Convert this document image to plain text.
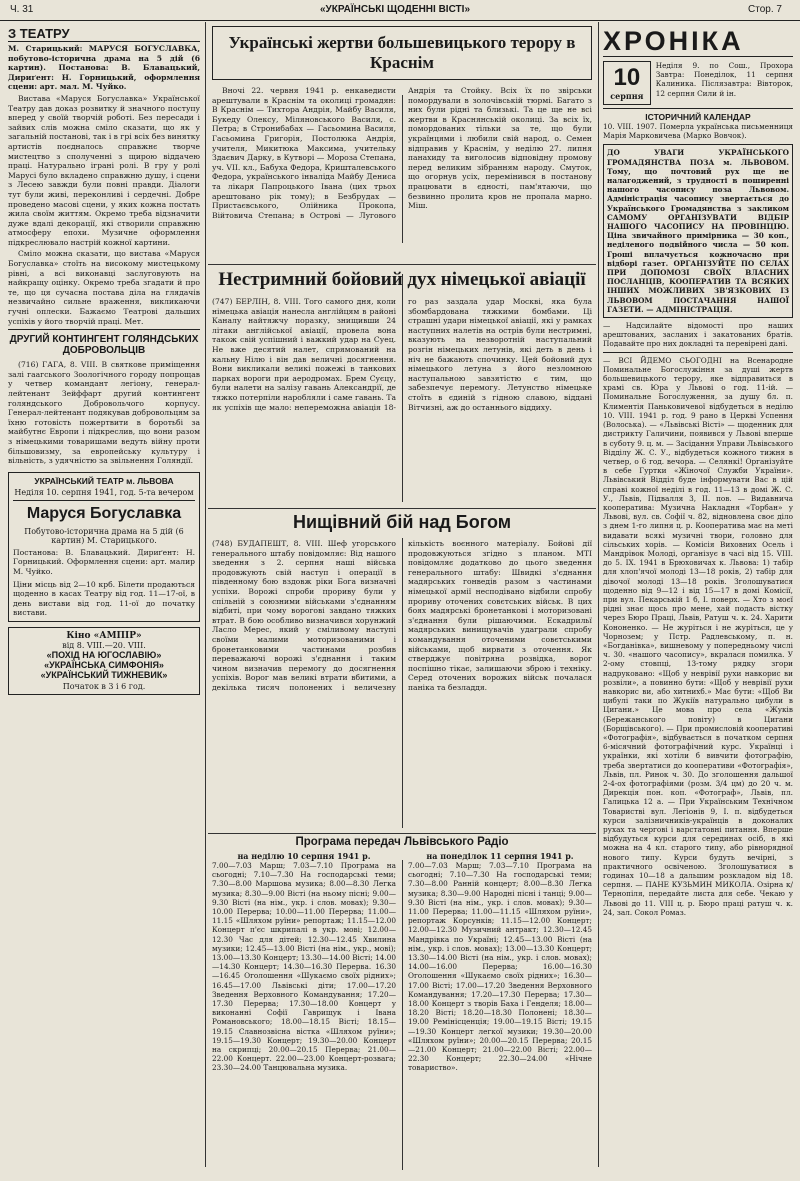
Ч. 31	«УКРАЇНСЬКІ ЩОДЕННІ ВІСТІ»	Стор. 7
З ТЕАТРУ

М. Старицький: МАРУСЯ БОГУСЛАВКА, побутово-історична драма на 5 дій (6 картин). Постанова: В. Блавацький, Дириґент: Н. Горницький, оформлення сцени: арт. мал. М. Чуйко.

Вистава «Маруся Богуславка» Української Театру дав доказ розвитку й значного поступу вперед у своїй творчій роботі. Без пересади і зайвих слів можна сміло сказати, що як у загальній постанові, так і в грі всіх без винятку артистів поєдналось справжнє творче мистецтво з сполученні з щирою віддачею праці. Натурально іграні ролі. В гру у ролі Марусі було вкладено справжню душу, і сцени з Лесею завжди були повні правди. Діалоги тут були живі, переконливі і сердечні. Добре проведено масові сцени, у яких кожна постать жила своїм життям. Окремо треба відзначити дуже вдалі декорації, які створили справжню атмосферу епохи. Музичне оформлення підкреслювало настрій кожної картини.

Сміло можна сказати, що вистава «Маруся Богуславка» стоїть на високому мистецькому рівні, а всі виконавці заслуговують на найкращу оцінку. Окремо треба згадати й про те, що ця сучасна постава діла на глядачів незвичайно сильне враження, викликаючи гучні оплески. Бажаємо Театрові дальших успіхів у його творчій праці. Мет.

ДРУГИЙ КОНТИНГЕНТ ГОЛЯНДСЬКИХ ДОБРОВОЛЬЦІВ

(716) ГАГА, 8. VIII. В святкове приміщення залі гаагського Зоологічного городу попрощав у четвер командант легіону, генерал-лейтенант Зейффарт другий контингент голяндського Добровольчого корпусу. Генерал-лейтенант подякував добровольцям за їхню готовість пожертвити в боротьбі за майбутнє Европи і підкреслив, що вони разом з німецькими товаришами ведуть війну проти більшовизму, за европейську культуру і вільність, з удячністю за звільнення Голяндії.

УКРАЇНСЬКИЙ ТЕАТР м. ЛЬВОВА
Неділя 10. серпня 1941, год. 5-та вечером
Маруся Богуславка
Побутово-історична драма на 5 дій (6 картин) М. Старицького.

Постанова: В. Блавацький. Дириґент: Н. Горницький. Оформлення сцени: арт. малир М. Чуйко.

Ціни місць від 2—10 крб. Білети продаються щоденно в касах Театру від год. 11—17-ої, в день вистави від год. 11-ої до початку вистави.

Кіно «АМПІР»
від 8. VIII.—20. VIII.
«ПОХІД НА ЮГОСЛАВІЮ»
«УКРАЇНСЬКА СИМФОНІЯ»
«УКРАЇНСЬКИЙ ТИЖНЕВИК»
Початок в 3 і 6 год.
Українські жертви большевицького терору в Краснім

Вночі 22. червня 1941 р. енкаведисти арештували в Краснім та околиці громадян: В Краснім — Тихтора Андрія, Майбу Василя, Букеду Олексу, Міляновського Василя, с. Петра; в Стронибабах — Гасьомина Василя, Гасьомина Григорія, Постолюка Андрія, учителя, Микитюка Максима, учительку Здаєвич Дарку, в Кутворі — Мороза Степана, уч. VII. кл., Бабуха Федора, Кришталевського Федора, українського інваліда Майбу Дениса та лікаря Папроцького Івана (цих трьох арештовано рік тому); в Безбрудах — Пристаєвського, Олійника Прокопа, Війтовича Степана; в Острові — Лугового Андрія та Стойку. Всіх їх по звірськи помордували в золочівській тюрмі. Багато з них були рідні та близькі. Та це ще не всі жертви в Краснянській околиці. За всіх їх, помордованих тільки за те, що були українцями і любили свій народ, о. Семен відправив у Краснім, у неділю 27. липня панахиду та виголосив відповідну промову перед великим зібранням народу. Смуток, що огорнув усіх, перемінився в постанову працювати в єдності, пам'ятаючи, що безвинно пролита кров не пропала марно. Міш.

Нестримний бойовий дух німецької авіації

(747) БЕРЛІН, 8. VIII. Того самого дня, коли німецька авіація нанесла англійцям в районі Каналу найтяжчу поразку, знищивши 24 літаки англійської авіації, провела вона також свій успішний і важкий удар на Суец. Не вже десятий налет, спрямований на кальну Нілю і він дав величні досягнення. Вони викликали великі пожежі в танкових парках вороги при аеродромах. Брем Суєцу, були налети на залізу гавань Александрії, де тяжко потерпіли наробляли і саме гавань. Та як успіхів ще мало: непереможна авіація 18-го раз заздала удар Москві, яка була збомбардована тяжкими бомбами. Ці страшні удари німецької авіації, які у рамках наступних налетів на острів були нестримні, вказують на незворотній наступальний розгін німецьких летунів, які деть в день і ніч не бажають спочинку. Цей бойовий дух німецького летуна з його незломною наступальною завзятістю є тим, що забезпечує перемогу. Летунство німецьке стоїть в єдиній з гідною славою, віддані Вітчизні, аж до останнього віддиху.

Нищівний бій над Богом

(748) БУДАПЕШТ, 8. VIII. Шеф угорського генерального штабу повідомляє: Від нашого зведення з 2. серпня наші війська продовжують свій наступ і операції в південному бою вздовж ріки Бога визначні успіхи. Ворожі спроби прориву були у спільній з союзними військами з'єднанням відбиті, при чому ворогові завдано тяжких втрат. В бою особливо визначився хорунжий Ласло Мерес, який у сміливому наступі своїми малими моторизованими і бронетанковими частинами розбив переважаючі ворожі з'єднання і таким чином визначив перемогу до досягнення успіхів. Ворог мав великі втрати вбитими, а декілька тисяч полонених і величезну кількість воєнного матеріалу. Бойові дії продовжуються згідно з планом. МТІ повідомляє додатково до цього зведення генерального штабу: Швидкі з'єднання мадярських гонведів разом з частинами німецької армії несподівано відбили спробу прориву оточених совєтських військ. В цих боях мадярські бронетанкові і моторизовані з'єднання були рішаючими. Ескадрильї мадярських винищувачів удаграли спробу командування оточеними совєтськими військами, щоб вирвати з оточення. Як стверджує повітряна розвідка, ворог поспішно тікає, залишаючи зброю і техніку. Серед оточених ворожих військ почалася паніка та безладдя.

Програма передач Львівського Радіо
на неділю 10 серпня 1941 р.

7.00—7.03 Марш; 7.03—7.10 Програма на сьогодні; 7.10—7.30 На господарські теми; 7.30—8.00 Маршова музика; 8.00—8.30 Легка музика; 8.30—9.00 Вісті (на ньому пісні; 9.00—9.30 Вісті (на нім., укр. і слов. мовах); 9.30—10.00 Перерва; 10.00—11.00 Перерва; 11.00—11.15 «Шляхом руїни» репортаж; 11.15—12.00 Концерт п'єс шкрипалі в укр. мові; 12.00—12.30 Час для дітей; 12.30—12.45 Хвилина музики; 12.45—13.00 Вісті (на нім., укр., мові); 13.00—13.30 Концерт; 13.30—14.00 Вісті; 14.00—14.30 Концерт; 14.30—16.30 Перерва. 16.30—16.45 Оголошення «Шукаємо своїх рідних»; 16.45—17.00 Львівські діти; 17.00—17.20 Зведення Верховного Командування; 17.20—17.30 Перерва; 17.30—18.00 Концерт у виконанні Софії Гаврищук і Івана Романовського; 18.00—18.15 Вісті; 18.15—19.15 Славнозвісна вістка «Шляхом руїни»; 19.15—19.30 Концерт; 19.30—20.00 Концерт на скрипці; 20.00—20.15 Перерва; 21.00—22.00 Концерт. 22.00—23.00 Концерт-розвага; 23.30—24.00 Танцювальна музика.

на понеділок 11 серпня 1941 р.

7.00—7.03 Марш; 7.03—7.10 Програма на сьогодні; 7.10—7.30 На господарські теми; 7.30—8.00 Ранній концерт; 8.00—8.30 Легка музика; 8.30—9.00 Народні пісні і танці; 9.00—9.30 Вісті (на нім., укр. і слов. мовах); 9.30—11.00 Перерва; 11.00—11.15 «Шляхом руїни», репортаж Корсунків; 11.15—12.00 Концерт; 12.00—12.30 Музичний антракт; 12.30—12.45 Мандрівка по Україні; 12.45—13.00 Вісті (на нім., укр. і слов. мовах); 13.00—13.30 Концерт; 13.30—14.00 Вісті (на нім., укр. і слов. мовах); 14.00—16.00 Перерва; 16.00—16.30 Оголошення «Шукаємо своїх рідних»; 16.30—17.00 Вісті; 17.00—17.20 Зведення Верховного Командування; 17.20—17.30 Перерва; 17.30—18.00 Концерт з творів Баха і Генделя; 18.00—18.20 Вісті; 18.20—18.30 Полонені; 18.30—19.00 Ремінісценція; 19.00—19.15 Вісті; 19.15—19.30 Концерт легкої музики; 19.30—20.00 «Шляхом руїни»; 20.00—20.15 Перерва; 20.15—21.00 Концерт; 21.00—22.00 Вісті; 22.00—22.30 Концерт; 22.30—24.00 «Нічне товариство».

ХРОНІКА
10
серпня

Неділя 9. по Сош., Прохора Завтра: Понеділок, 11 серпня Калиника. Післязавтра: Вівторок, 12 серпня Сили й ін.

ІСТОРИЧНИЙ КАЛЕНДАР

10. VIII. 1907. Померла українська письменниця Марія Марковичева (Марко Вовчок).

ДО УВАГИ УКРАЇНСЬКОГО ГРОМАДЯНСТВА ПОЗА м. ЛЬВОВОМ. Тому, що почтовий рух ще не налагоджений, з трудності в поширенні нашого часопису поза Львовом. Адміністрація часопису звертається до Українського Громадянства з закликом САМОМУ ОРГАНІЗУВАТИ ВІДБІР НАШОГО ЧАСОПИСУ НА ПРОВІНЦІЮ. Ціна звичайного примірника — 30 коп., неділеного подвійного числа — 50 коп. Гроші вплачується кожночасно при відборі газет. ОРГАНІЗУЙТЕ ПО СЕЛАХ ПРИ ДОПОМОЗІ СВОЇХ ВЛАСНИХ ПОСЛАНЦІВ, КООПЕРАТИВ ТА ВСЯКИХ ІНШИХ МОЖЛИВИХ ЗВ'ЯЗКОВИХ ІЗ ЛЬВОВОМ ПОСТАЧАННЯ НАШОЇ ГАЗЕТИ. — АДМІНІСТРАЦІЯ.

— Надсилайте відомості про наших арештованих, засланих і закатованих братів. Подавайте про них докладні та перевірені дані.

— ВСІ ЙДЕМО СЬОГОДНІ на Всенародне Поминальне Богослужіння за душі жертв большевицького терору, яке відправиться в храмі св. Юра у Львові о год. 11-ій. — Поминальне Богослуження, за душу бл. п. Климентія Паньковичевої відбудеться в неділю 10. VIII. 1941 р. год. 9 рано в Церкві Успення (Волоська). — «Львівські Вісті» — щоденник для дистрикту Галичини, появився у Львові вперше в суботу 9. ц. м. — Засідання Управи Львівського Відділу Ж. С. У., відбудеться кожного тижня в четвер, о 6 год. вечора. — Селянкі! Організуйте в себе Гуртки «Жіночої Служби України». Львівський Відділ буде інформувати Вас в цій справі кожної неділі в год. 11—13 в домі Ж. С. У., Львів, Підвалля 3, II. пов. — Видавнича кооператива: Музична Накладня «Торбан» у Львові, вул. св. Софії ч. 82, відновлена своє діло з днем 1-го липня ц. р. Кооператива має на меті видавати всякі музичні твори, головно для сільських хорів. — Комісія Виховних Осель і Мандрівок Молоді, організує в часі від 15. VIII. до 5. IX. 1941 в Брюховичах к. Львова: 1) табір для хлоп'ячої молоді 13—18 років, 2) табір для дівочої молоді 13—18 років. Зголошуватися щоденно від 9—12 і від 15—17 в домі Комісії, при вул. Пекарській 1 б, I. поверх. — Хто з моєї рідні знає щось про мене, хай подасть вістку через Бюро Праці, Львів, Ратуш ч. к. 24. Харити Кононенко. — Не журіться і не журіться, це у Чорнозем; у Пстр. Радлевському, п. н. «Богданівка», вишневому у попередньому числі ч. 30. «нашого часопису», вкралася помилка. У 2-ому стовпці, 13-тому рядку згори надруковано: «Щоб у неврівії рухи навкорис ви розвіли», а повинно бути: «Щоб у неврівії рухи навкорис ви, або хитнихб.» Має бути: «Щоб Ви цибулі таки по Жукіїв натурально цибули в Цигани.» Це мова про села «Жуків (Бережанського повіту) в Цигани (Борщівського). — При промисловій кооперативі «Фотографія», відбувається в початком серпня 6-місячний фотографічний курс. Українці і українки, які хотіли б вивчити фотографію, треба звертатися до кооперативи «Фотографія», Львів, пл. Ринок ч. 30. До зголошення дальшої 2-4-ох фотографіями (розм. 3/4 цм) до 20 ч. м. Дирекція пон. коп. «Фотограф», Львів, пл. Галицька 12 а. — При Українським Технічном Товаристві вул. Легіонів 9, I. п. відбудеться курси залізничників-українців в доконалих рухах та чергові і варстатовні питання. Вперше відбудуться курси для серединах осіб, в які можна на 4 кл. старого типу, або рівнорядної нового типу. Курси будуть вечірні, з практичного освіченою. Зголошуватися в годинах 10—18 а дальшим розкладом від 18. серпня. — ПАНЕ КУЗЬМИН МИКОЛА. Озірна к/Тернопіля, передайте листа для себе. Чекаю у Львові до 11. VIII ц. р. Бюро праці ратуш ч. к. 24, зал. Сокол Ромаз.
